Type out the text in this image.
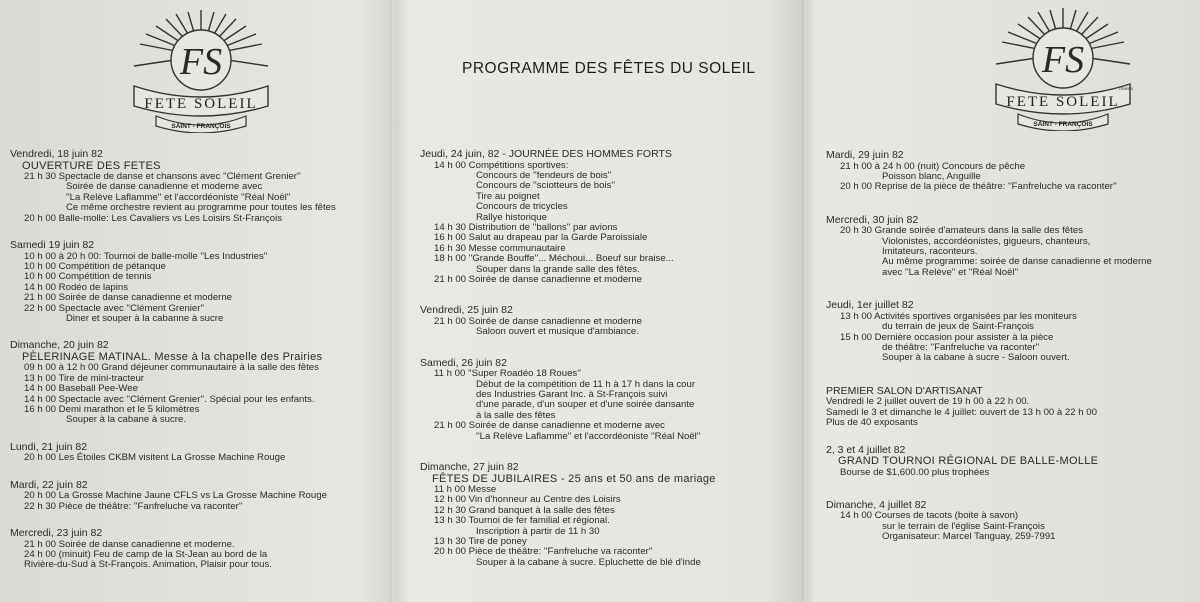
FS
FETE SOLEIL
SAINT - FRANÇOIS
Vendredi, 18 juin 82
OUVERTURE DES FETES
21 h 30 Spectacle de danse et chansons avec ''Clément Grenier''
Soirée de danse canadienne et moderne avec
''La Relève Laflamme'' et l'accordéoniste ''Réal Noël''
Ce même orchestre revient au programme pour toutes les fêtes
20 h 00 Balle-molle: Les Cavaliers vs Les Loisirs St-François
Samedi 19 juin 82
10 h 00 à 20 h 00: Tournoi de balle-molle ''Les Industries''
10 h 00 Compétition de pétanque
10 h 00 Compétition de tennis
14 h 00 Rodéo de lapins
21 h 00 Soirée de danse canadienne et moderne
22 h 00 Spectacle avec ''Clément Grenier''
Diner et souper à la cabanne à sucre
Dimanche, 20 juin 82
PÈLERINAGE MATINAL. Messe à la chapelle des Prairies
09 h 00 à 12 h 00 Grand déjeuner communautaire à la salle des fêtes
13 h 00 Tire de mini-tracteur
14 h 00 Baseball Pee-Wee
14 h 00 Spectacle avec ''Clément Grenier''. Spécial pour les enfants.
16 h 00 Demi marathon et le 5 kilomètres
Souper à la cabane à sucre.
Lundi, 21 juin 82
20 h 00 Les Étoiles CKBM visitent La Grosse Machine Rouge
Mardi, 22 juin 82
20 h 00 La Grosse Machine Jaune CFLS vs La Grosse Machine Rouge
22 h 30 Pièce de théâtre: ''Fanfreluche va raconter''
Mercredi, 23 juin 82
21 h 00 Soirée de danse canadienne et moderne.
24 h 00 (minuit) Feu de camp de la St-Jean au bord de la
Rivière-du-Sud à St-François. Animation, Plaisir pour tous.
PROGRAMME DES FÊTES DU SOLEIL
Jeudi, 24 juin, 82 - JOURNÉE DES HOMMES FORTS
14 h 00 Compétitions sportives:
Concours de ''fendeurs de bois''
Concours de ''sciotteurs de bois''
Tire au poignet
Concours de tricycles
Rallye historique
14 h 30 Distribution de ''ballons'' par avions
16 h 00 Salut au drapeau par la Garde Paroissiale
16 h 30 Messe communautaire
18 h 00 ''Grande Bouffe''... Méchoui... Boeuf sur braise...
Souper dans la grande salle des fêtes.
21 h 00 Soirée de danse canadienne et moderne
Vendredi, 25 juin 82
21 h 00 Soirée de danse canadienne et moderne
Saloon ouvert et musique d'ambiance.
Samedi, 26 juin 82
11 h 00 ''Super Roadéo 18 Roues''
Début de la compétition de 11 h à 17 h dans la cour
des Industries Garant Inc. à St-François suivi
d'une parade, d'un souper et d'une soirée dansante
à la salle des fêtes
21 h 00 Soirée de danse canadienne et moderne avec
''La Relève Laflamme'' et l'accordéoniste ''Réal Noël''
Dimanche, 27 juin 82
FÊTES DE JUBILAIRES - 25 ans et 50 ans de mariage
11 h 00 Messe
12 h 00 Vin d'honneur au Centre des Loisirs
12 h 30 Grand banquet à la salle des fêtes
13 h 30 Tournoi de fer familial et régional.
Inscription à partir de 11 h 30
13 h 30 Tire de poney
20 h 00 Pièce de théâtre: ''Fanfreluche va raconter''
Souper à la cabane à sucre. Epluchette de blé d'inde
FS
FETE SOLEIL
SAINT - FRANÇOIS
LEMERE
Mardi, 29 juin 82
21 h 00 à 24 h 00 (nuit) Concours de pêche
Poisson blanc, Anguille
20 h 00 Reprise de la pièce de théâtre: ''Fanfreluche va raconter''
Mercredi, 30 juin 82
20 h 30 Grande soirée d'amateurs dans la salle des fêtes
Violonistes, accordéonistes, gigueurs, chanteurs,
Imitateurs, raconteurs.
Au même programme: soirée de danse canadienne et moderne
avec ''La Relève'' et ''Réal Noël''
Jeudi, 1er juillet 82
13 h 00 Activités sportives organisées par les moniteurs
du terrain de jeux de Saint-François
15 h 00 Dernière occasion pour assister à la pièce
de théâtre: ''Fanfreluche va raconter''
Souper à la cabane à sucre - Saloon ouvert.
PREMIER SALON D'ARTISANAT
Vendredi le 2 juillet ouvert de 19 h 00 à 22 h 00.
Samedi le 3 et dimanche le 4 juillet: ouvert de 13 h 00 à 22 h 00
Plus de 40 exposants
2, 3 et 4 juillet 82
GRAND TOURNOI RÉGIONAL DE BALLE-MOLLE
Bourse de $1,600.00 plus trophées
Dimanche, 4 juillet 82
14 h 00 Courses de tacots (boite à savon)
sur le terrain de l'église Saint-François
Organisateur: Marcel Tanguay, 259-7991
